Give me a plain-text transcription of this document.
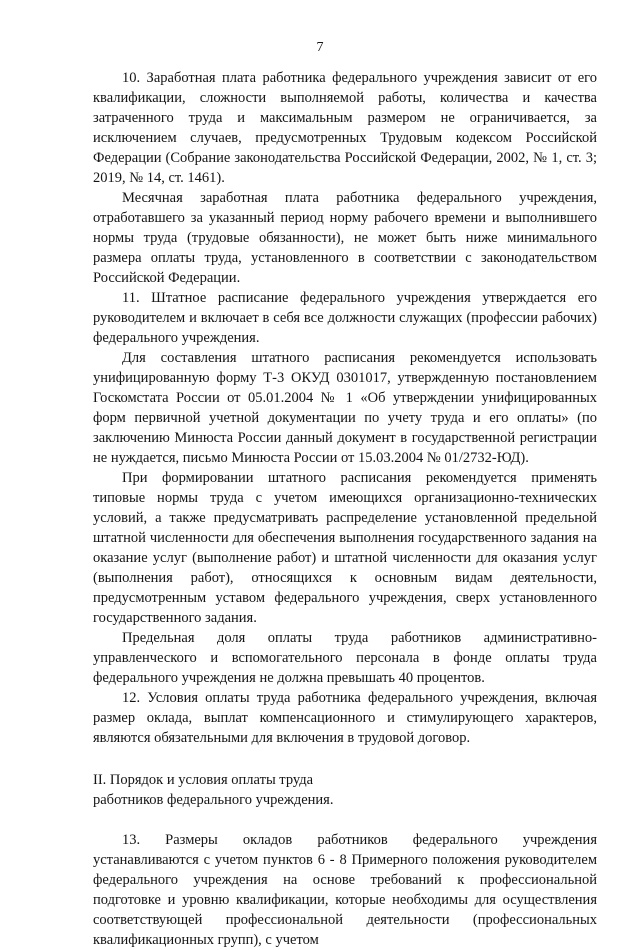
7

10. Заработная плата работника федерального учреждения зависит от его квалификации, сложности выполняемой работы, количества и качества затраченного труда и максимальным размером не ограничивается, за исключением случаев, предусмотренных Трудовым кодексом Российской Федерации (Собрание законодательства Российской Федерации, 2002, № 1, ст. 3; 2019, № 14, ст. 1461).

Месячная заработная плата работника федерального учреждения, отработавшего за указанный период норму рабочего времени и выполнившего нормы труда (трудовые обязанности), не может быть ниже минимального размера оплаты труда, установленного в соответствии с законодательством Российской Федерации.

11. Штатное расписание федерального учреждения утверждается его руководителем и включает в себя все должности служащих (профессии рабочих) федерального учреждения.

Для составления штатного расписания рекомендуется использовать унифицированную форму Т-3 ОКУД 0301017, утвержденную постановлением Госкомстата России от 05.01.2004 № 1 «Об утверждении унифицированных форм первичной учетной документации по учету труда и его оплаты» (по заключению Минюста России данный документ в государственной регистрации не нуждается, письмо Минюста России от 15.03.2004 № 01/2732-ЮД).

При формировании штатного расписания рекомендуется применять типовые нормы труда с учетом имеющихся организационно-технических условий, а также предусматривать распределение установленной предельной штатной численности для обеспечения выполнения государственного задания на оказание услуг (выполнение работ) и штатной численности для оказания услуг (выполнения работ), относящихся к основным видам деятельности, предусмотренным уставом федерального учреждения, сверх установленного государственного задания.

Предельная доля оплаты труда работников административно-управленческого и вспомогательного персонала в фонде оплаты труда федерального учреждения не должна превышать 40 процентов.

12. Условия оплаты труда работника федерального учреждения, включая размер оклада, выплат компенсационного и стимулирующего характеров, являются обязательными для включения в трудовой договор.

II. Порядок и условия оплаты труда
работников федерального учреждения.

13. Размеры окладов работников федерального учреждения устанавливаются с учетом пунктов 6 - 8 Примерного положения руководителем федерального учреждения на основе требований к профессиональной подготовке и уровню квалификации, которые необходимы для осуществления соответствующей профессиональной деятельности (профессиональных квалификационных групп), с учетом
